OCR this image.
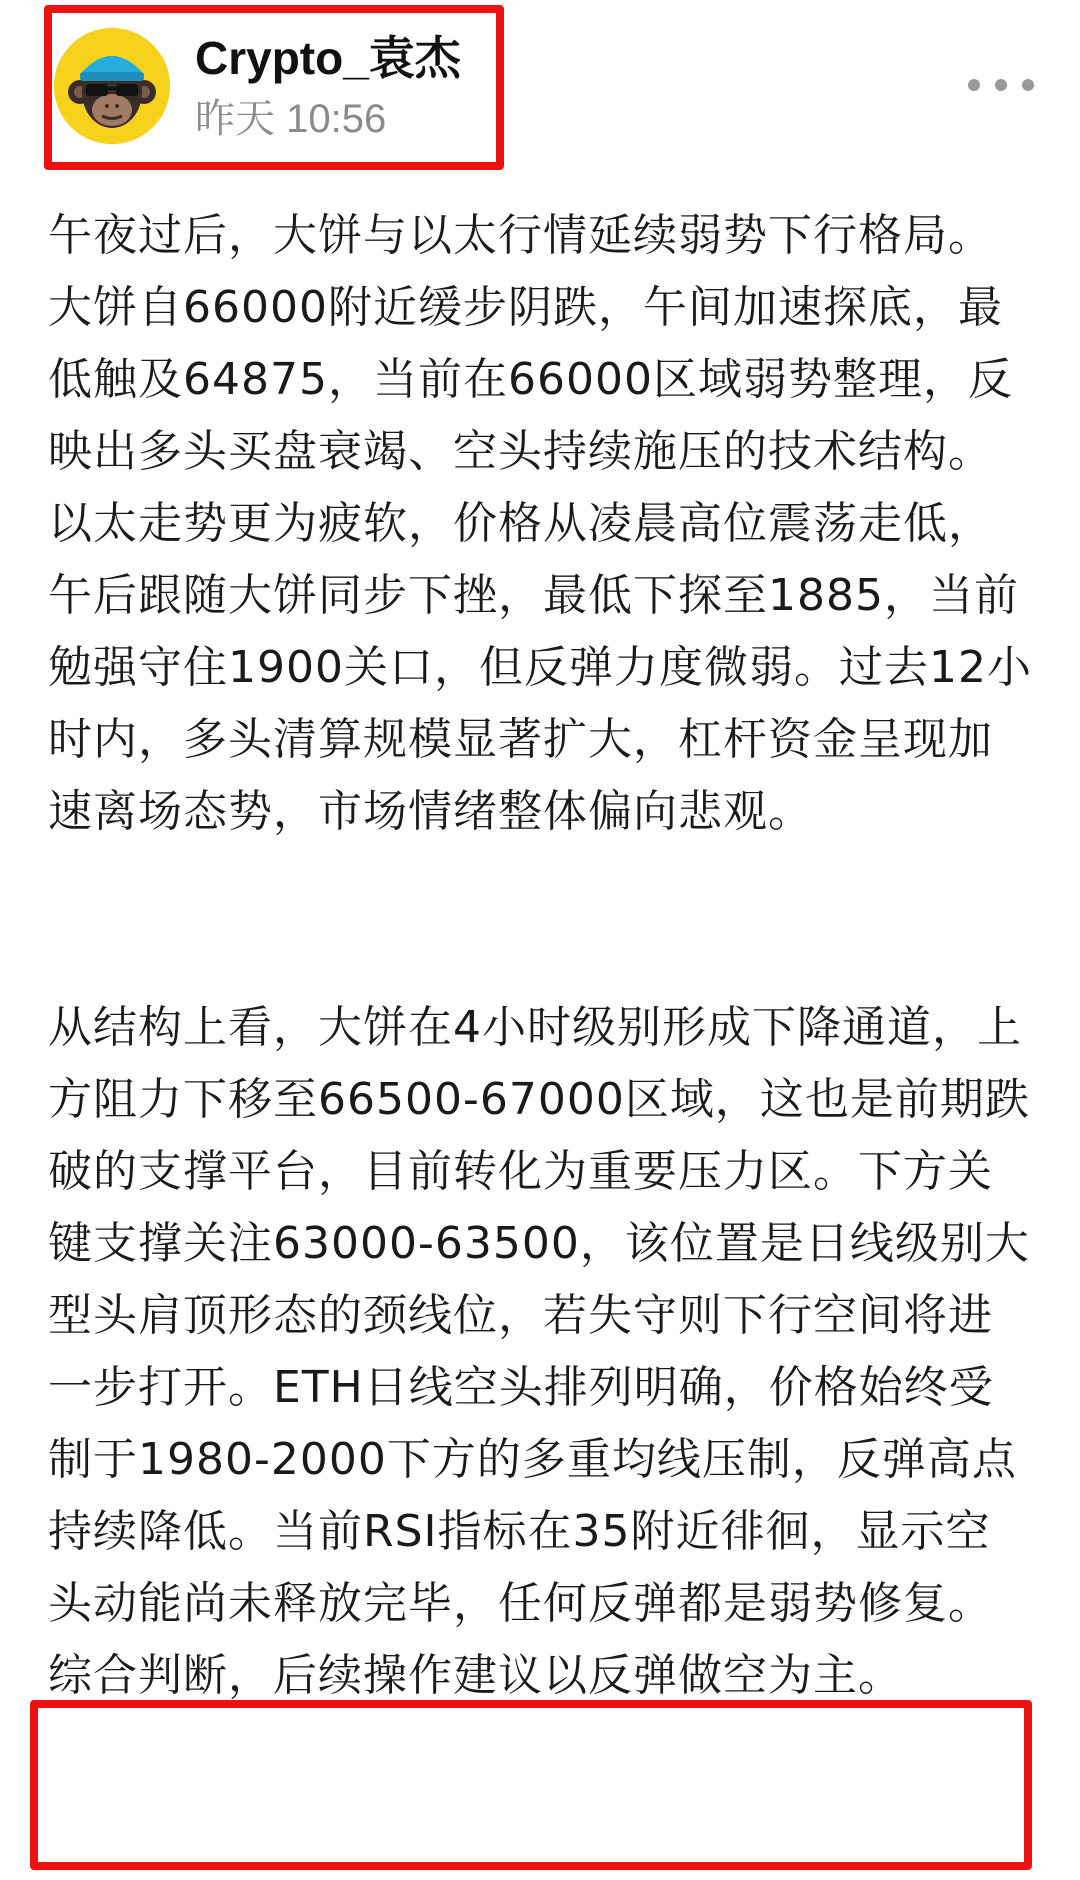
Crypto_袁杰
昨天 10:56

午夜过后，大饼与以太行情延续弱势下行格局。大饼自66000附近缓步阴跌，午间加速探底，最低触及64875，当前在66000区域弱势整理，反映出多头买盘衰竭、空头持续施压的技术结构。以太走势更为疲软，价格从凌晨高位震荡走低，午后跟随大饼同步下挫，最低下探至1885，当前勉强守住1900关口，但反弹力度微弱。过去12小时内，多头清算规模显著扩大，杠杆资金呈现加速离场态势，市场情绪整体偏向悲观。

从结构上看，大饼在4小时级别形成下降通道，上方阻力下移至66500-67000区域，这也是前期跌破的支撑平台，目前转化为重要压力区。下方关键支撑关注63000-63500，该位置是日线级别大型头肩顶形态的颈线位，若失守则下行空间将进一步打开。ETH日线空头排列明确，价格始终受制于1980-2000下方的多重均线压制，反弹高点持续降低。当前RSI指标在35附近徘徊，显示空头动能尚未释放完毕，任何反弹都是弱势修复。综合判断，后续操作建议以反弹做空为主。
